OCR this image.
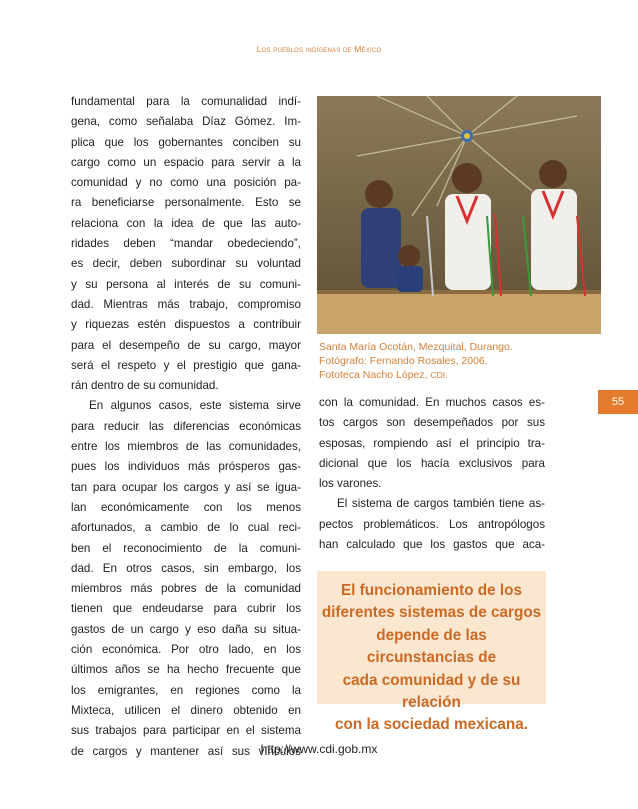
Los pueblos indígenas de México

fundamental para la comunalidad indí-

gena, como señalaba Díaz Gómez. Im-

plica que los gobernantes conciben su

cargo como un espacio para servir a la

comunidad y no como una posición pa-

ra beneficiarse personalmente. Esto se

relaciona con la idea de que las auto-

ridades deben “mandar obedeciendo”,

es decir, deben subordinar su voluntad

y su persona al interés de su comuni-

dad. Mientras más trabajo, compromiso

y riquezas estén dispuestos a contribuir

para el desempeño de su cargo, mayor

será el respeto y el prestigio que gana-

rán dentro de su comunidad.

En algunos casos, este sistema sirve

para reducir las diferencias económicas

entre los miembros de las comunidades,

pues los individuos más prósperos gas-

tan para ocupar los cargos y así se igua-

lan económicamente con los menos

afortunados, a cambio de lo cual reci-

ben el reconocimiento de la comuni-

dad. En otros casos, sin embargo, los

miembros más pobres de la comunidad

tienen que endeudarse para cubrir los

gastos de un cargo y eso daña su situa-

ción económica. Por otro lado, en los

últimos años se ha hecho frecuente que

los emigrantes, en regiones como la

Mixteca, utilicen el dinero obtenido en

sus trabajos para participar en el sistema

de cargos y mantener así sus vínculos

Santa María Ocotán, Mezquital, Durango.
Fotógrafo: Fernando Rosales, 2006.
Fototeca Nacho López, CDI.
55

con la comunidad. En muchos casos es-

tos cargos son desempeñados por sus

esposas, rompiendo así el principio tra-

dicional que los hacía exclusivos para

los varones.

El sistema de cargos también tiene as-

pectos problemáticos. Los antropólogos

han calculado que los gastos que aca-

El funcionamiento de los
diferentes sistemas de cargos
depende de las circunstancias de
cada comunidad y de su relación
con la sociedad mexicana.
http://www.cdi.gob.mx
